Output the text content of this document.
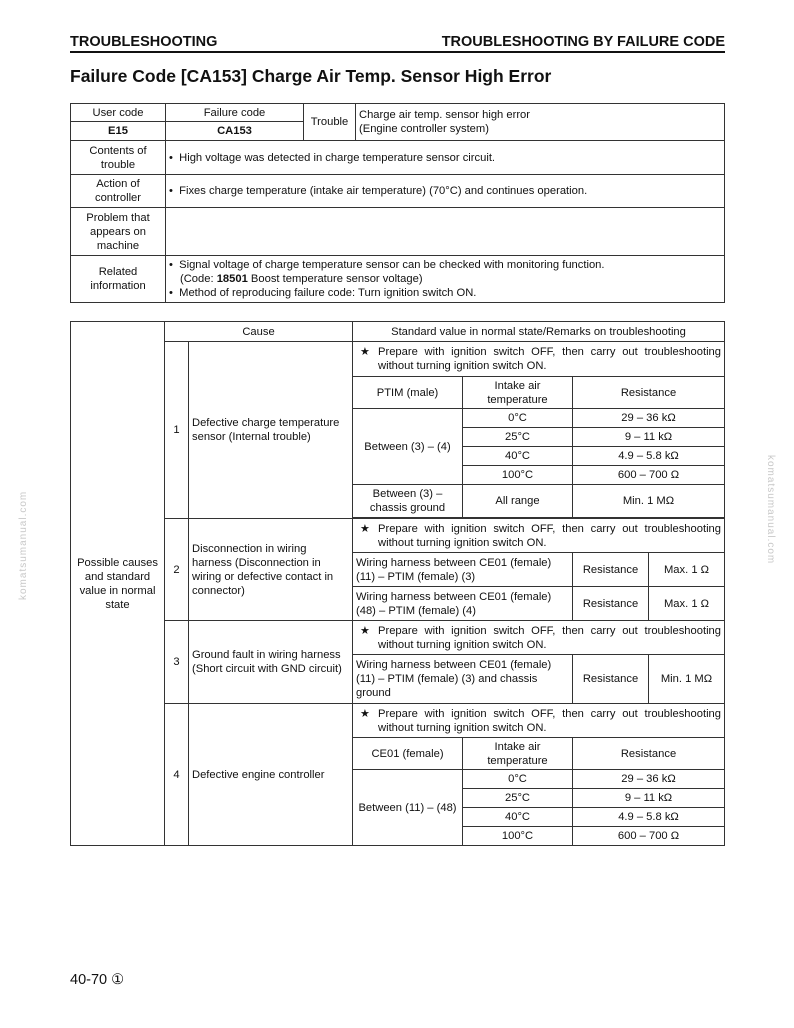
TROUBLESHOOTING	TROUBLESHOOTING BY FAILURE CODE
Failure Code [CA153] Charge Air Temp. Sensor High Error
komatsumanual.com	komatsumanual.com
User code	Failure code	Trouble	Charge air temp. sensor high error
(Engine controller system)

E15	CA153		
Contents of trouble	• High voltage was detected in charge temperature sensor circuit.		

Action of controller	• Fixes charge temperature (intake air temperature) (70°C) and continues operation.		

Problem that appears on machine			
Related information	• Signal voltage of charge temperature sensor can be checked with monitoring function.
(Code: 18501 Boost temperature sensor voltage)
• Method of reproducing failure code: Turn ignition switch ON.		
Possible causes and standard value in normal state	Cause		Standard value in normal state/Remarks on troubleshooting			
	1	Defective charge temperature sensor (Internal trouble)	★ Prepare with ignition switch OFF, then carry out troubleshooting without turning ignition switch ON.			

			PTIM (male)	Intake air temperature	Resistance	
			Between (3) – (4)	0°C	29 – 36 kΩ	
				25°C	9 – 11 kΩ	
				40°C	4.9 – 5.8 kΩ	
				100°C	600 – 700 Ω	
			Between (3) – chassis ground	All range	Min. 1 MΩ	

	2	Disconnection in wiring harness (Disconnection in wiring or defective contact in connector)	★ Prepare with ignition switch OFF, then carry out troubleshooting without turning ignition switch ON.			

			Wiring harness between CE01 (female) (11) – PTIM (female) (3)		Resistance	Max. 1 Ω
			Wiring harness between CE01 (female) (48) – PTIM (female) (4)		Resistance	Max. 1 Ω
	3	Ground fault in wiring harness (Short circuit with GND circuit)	★ Prepare with ignition switch OFF, then carry out troubleshooting without turning ignition switch ON.			

			Wiring harness between CE01 (female) (11) – PTIM (female) (3) and chassis ground		Resistance	Min. 1 MΩ
	4	Defective engine controller	★ Prepare with ignition switch OFF, then carry out troubleshooting without turning ignition switch ON.			

			CE01 (female)	Intake air temperature	Resistance	
			Between (11) – (48)	0°C	29 – 36 kΩ	
				25°C	9 – 11 kΩ	
				40°C	4.9 – 5.8 kΩ	
				100°C	600 – 700 Ω	
40-70 ①
